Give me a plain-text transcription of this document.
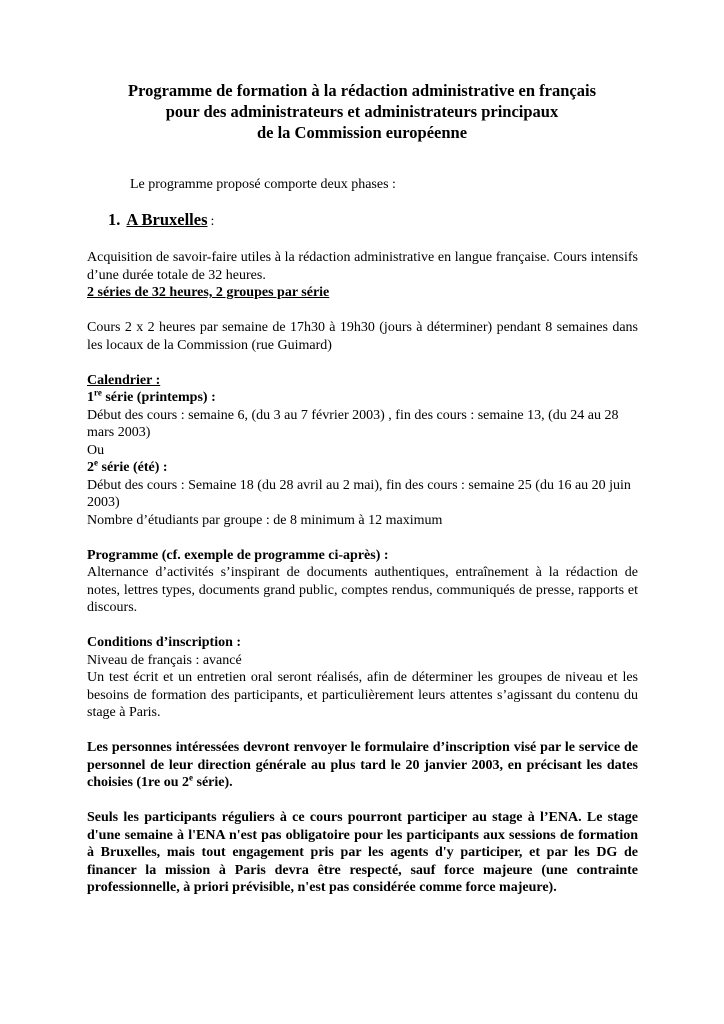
Programme de formation à la rédaction administrative en français
pour des administrateurs et administrateurs principaux
de la Commission européenne
Le programme proposé comporte deux phases :
1. A Bruxelles :

Acquisition de savoir-faire utiles à la rédaction administrative en langue française. Cours intensifs d’une durée totale de 32 heures.

2 séries de 32 heures, 2 groupes par série

Cours 2 x 2 heures par semaine de 17h30 à 19h30 (jours à déterminer) pendant 8 semaines dans les locaux de la Commission (rue Guimard)

Calendrier :

1re série (printemps) :

Début des cours : semaine 6, (du 3 au 7 février 2003) , fin des cours : semaine 13, (du 24 au 28 mars 2003)

Ou

2e série (été) :

Début des cours : Semaine 18 (du 28 avril au 2 mai), fin des cours : semaine 25 (du 16 au 20 juin 2003)

Nombre d’étudiants par groupe : de 8 minimum à 12 maximum

Programme (cf. exemple de programme ci-après) :

Alternance d’activités s’inspirant de documents authentiques, entraînement à la rédaction de notes, lettres types, documents grand public, comptes rendus, communiqués de presse, rapports et discours.

Conditions d’inscription :

Niveau de français : avancé

Un test écrit et un entretien oral seront réalisés, afin de déterminer les groupes de niveau et les besoins de formation des participants, et particulièrement leurs attentes s’agissant du contenu du stage à Paris.

Les personnes intéressées devront renvoyer le formulaire d’inscription visé par le service de personnel de leur direction générale au plus tard le 20 janvier 2003, en précisant les dates choisies (1re ou 2e série).

Seuls les participants réguliers à ce cours pourront participer au stage à l’ENA. Le stage d'une semaine à l'ENA n'est pas obligatoire pour les participants aux sessions de formation à Bruxelles, mais tout engagement pris par les agents d'y participer, et par les DG de financer la mission à Paris devra être respecté, sauf force majeure (une contrainte professionnelle, à priori prévisible, n'est pas considérée comme force majeure).
